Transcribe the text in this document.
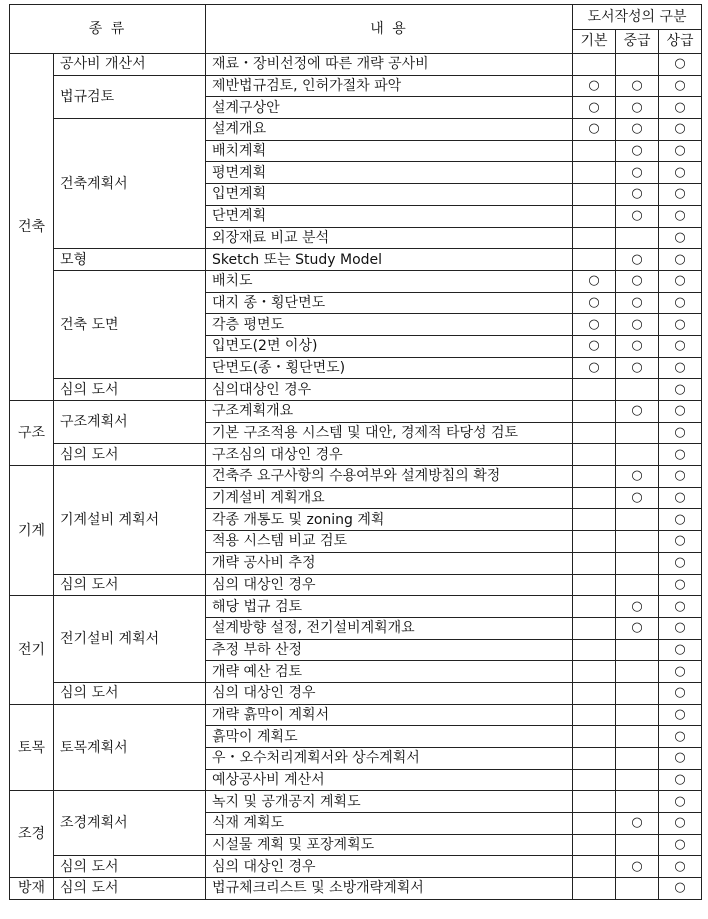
종 류		내 용	도서작성의 구분		
			기본	중급	상급
건축	공사비 개산서	재료・장비선정에 따른 개략 공사비			○
	법규검토	제반법규검토, 인허가절차 파악	○	○	○
		설계구상안	○	○	○
	건축계획서	설계개요	○	○	○
		배치계획		○	○
		평면계획		○	○
		입면계획		○	○
		단면계획		○	○
		외장재료 비교 분석			○
	모형	Sketch 또는 Study Model		○	○
	건축 도면	배치도	○	○	○
		대지 종・횡단면도	○	○	○
		각층 평면도	○	○	○
		입면도(2면 이상)	○	○	○
		단면도(종・횡단면도)	○	○	○
	심의 도서	심의대상인 경우			○
구조	구조계획서	구조계획개요		○	○
		기본 구조적용 시스템 및 대안, 경제적 타당성 검토			○
	심의 도서	구조심의 대상인 경우			○
기계	기계설비 계획서	건축주 요구사항의 수용여부와 설계방침의 확정		○	○
		기계설비 계획개요		○	○
		각종 개통도 및 zoning 계획			○
		적용 시스템 비교 검토			○
		개략 공사비 추정			○
	심의 도서	심의 대상인 경우			○
전기	전기설비 계획서	해당 법규 검토		○	○
		설계방향 설정, 전기설비계획개요		○	○
		추정 부하 산정			○
		개략 예산 검토			○
	심의 도서	심의 대상인 경우			○
토목	토목계획서	개략 흙막이 계획서			○
		흙막이 계획도			○
		우・오수처리계획서와 상수계획서			○
		예상공사비 계산서			○
조경	조경계획서	녹지 및 공개공지 계획도			○
		식재 계획도		○	○
		시설물 계획 및 포장계획도			○
	심의 도서	심의 대상인 경우		○	○
방재	심의 도서	법규체크리스트 및 소방개략계획서			○
